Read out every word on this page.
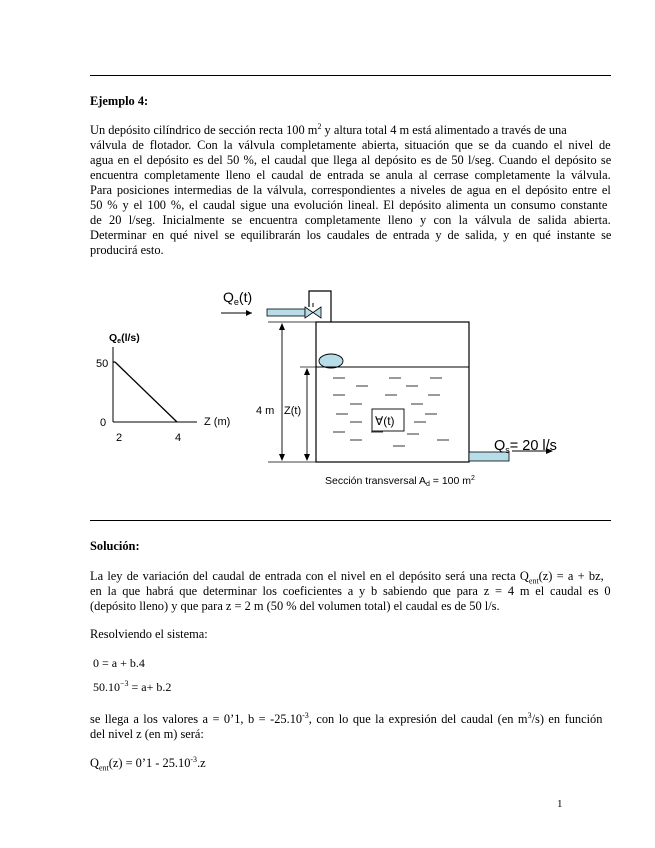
Ejemplo 4:
Un depósito cilíndrico de sección recta 100 $m^2$ y altura total 4 m está alimentado a través de una
válvula de flotador. Con la válvula completamente abierta, situación que se da cuando el nivel de
agua en el depósito es del 50 %, el caudal que llega al depósito es de 50 l/seg. Cuando el depósito se
encuentra completamente lleno el caudal de entrada se anula al cerrase completamente la válvula.
Para posiciones intermedias de la válvula, correspondientes a niveles de agua en el depósito entre el
50 % y el 100 %, el caudal sigue una evolución lineal. El depósito alimenta un consumo constante
de 20 l/seg. Inicialmente se encuentra completamente lleno y con la válvula de salida abierta.
Determinar en qué nivel se equilibrarán los caudales de entrada y de salida, y en qué instante se
producirá esto.
Qe(l/s)
Z (m)
50
0
2	4
$Q_e(t)$
∀(t)
$Q_s= 20$ l/s
4 m Z(t)
Sección transversal Ad = 100 $m^2$
Solución:
La ley de variación del caudal de entrada con el nivel en el depósito será una recta $Q_{ent}(z) = a$ + bz,
en la que habrá que determinar los coeficientes a y b sabiendo que para z = 4 m el caudal es 0
(depósito lleno) y que para z = 2 m (50 % del volumen total) el caudal es de 50 l/s.
Resolviendo el sistema:
0 = a + b.4
$50.10^{-3} = a+ b.2$
se llega a los valores a = 0’1, $b = -25.10^{-3}$, con lo que la expresión del caudal (en $m^3/s$) en función
del nivel z (en m) será:
$Q_{ent}(z)$ = 0’1 - $25.10^{-3}.z$
1
